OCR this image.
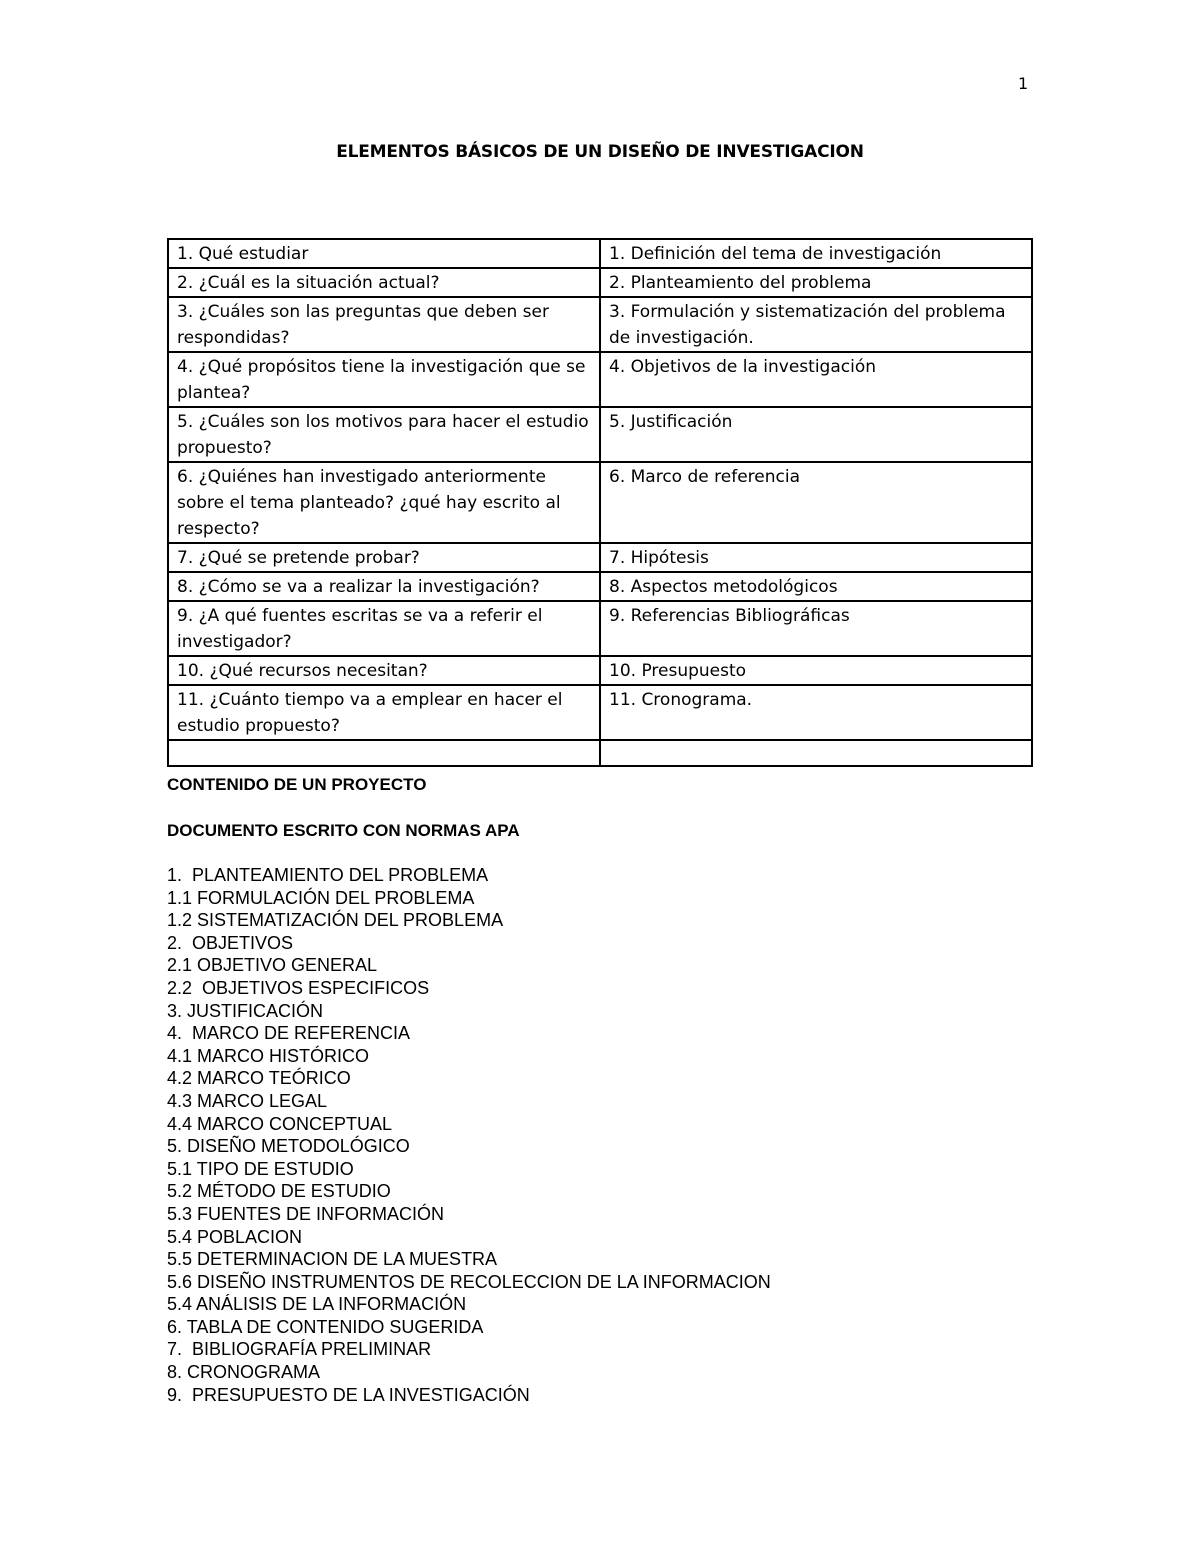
1
ELEMENTOS BÁSICOS DE UN DISEÑO DE INVESTIGACION
1. Qué estudiar	1. Definición del tema de investigación
2. ¿Cuál es la situación actual?	2. Planteamiento del problema
3. ¿Cuáles son las preguntas que deben ser respondidas?	3. Formulación y sistematización del problema de investigación.
4. ¿Qué propósitos tiene la investigación que se plantea?	4. Objetivos de la investigación
5. ¿Cuáles son los motivos para hacer el estudio propuesto?	5. Justificación
6. ¿Quiénes han investigado anteriormente sobre el tema planteado? ¿qué hay escrito al respecto?	6. Marco de referencia
7. ¿Qué se pretende probar?	7. Hipótesis
8. ¿Cómo se va a realizar la investigación?	8. Aspectos metodológicos
9. ¿A qué fuentes escritas se va a referir el investigador?	9. Referencias Bibliográficas
10. ¿Qué recursos necesitan?	10. Presupuesto
11. ¿Cuánto tiempo va a emplear en hacer el estudio propuesto?	11. Cronograma.

CONTENIDO DE UN PROYECTO
DOCUMENTO ESCRITO CON NORMAS APA
1.  PLANTEAMIENTO DEL PROBLEMA
1.1 FORMULACIÓN DEL PROBLEMA
1.2 SISTEMATIZACIÓN DEL PROBLEMA
2.  OBJETIVOS
2.1 OBJETIVO GENERAL
2.2  OBJETIVOS ESPECIFICOS
3. JUSTIFICACIÓN
4.  MARCO DE REFERENCIA
4.1 MARCO HISTÓRICO
4.2 MARCO TEÓRICO
4.3 MARCO LEGAL
4.4 MARCO CONCEPTUAL
5. DISEÑO METODOLÓGICO
5.1 TIPO DE ESTUDIO
5.2 MÉTODO DE ESTUDIO
5.3 FUENTES DE INFORMACIÓN
5.4 POBLACION
5.5 DETERMINACION DE LA MUESTRA
5.6 DISEÑO INSTRUMENTOS DE RECOLECCION DE LA INFORMACION
5.4 ANÁLISIS DE LA INFORMACIÓN
6. TABLA DE CONTENIDO SUGERIDA
7.  BIBLIOGRAFÍA PRELIMINAR
8. CRONOGRAMA
9.  PRESUPUESTO DE LA INVESTIGACIÓN
